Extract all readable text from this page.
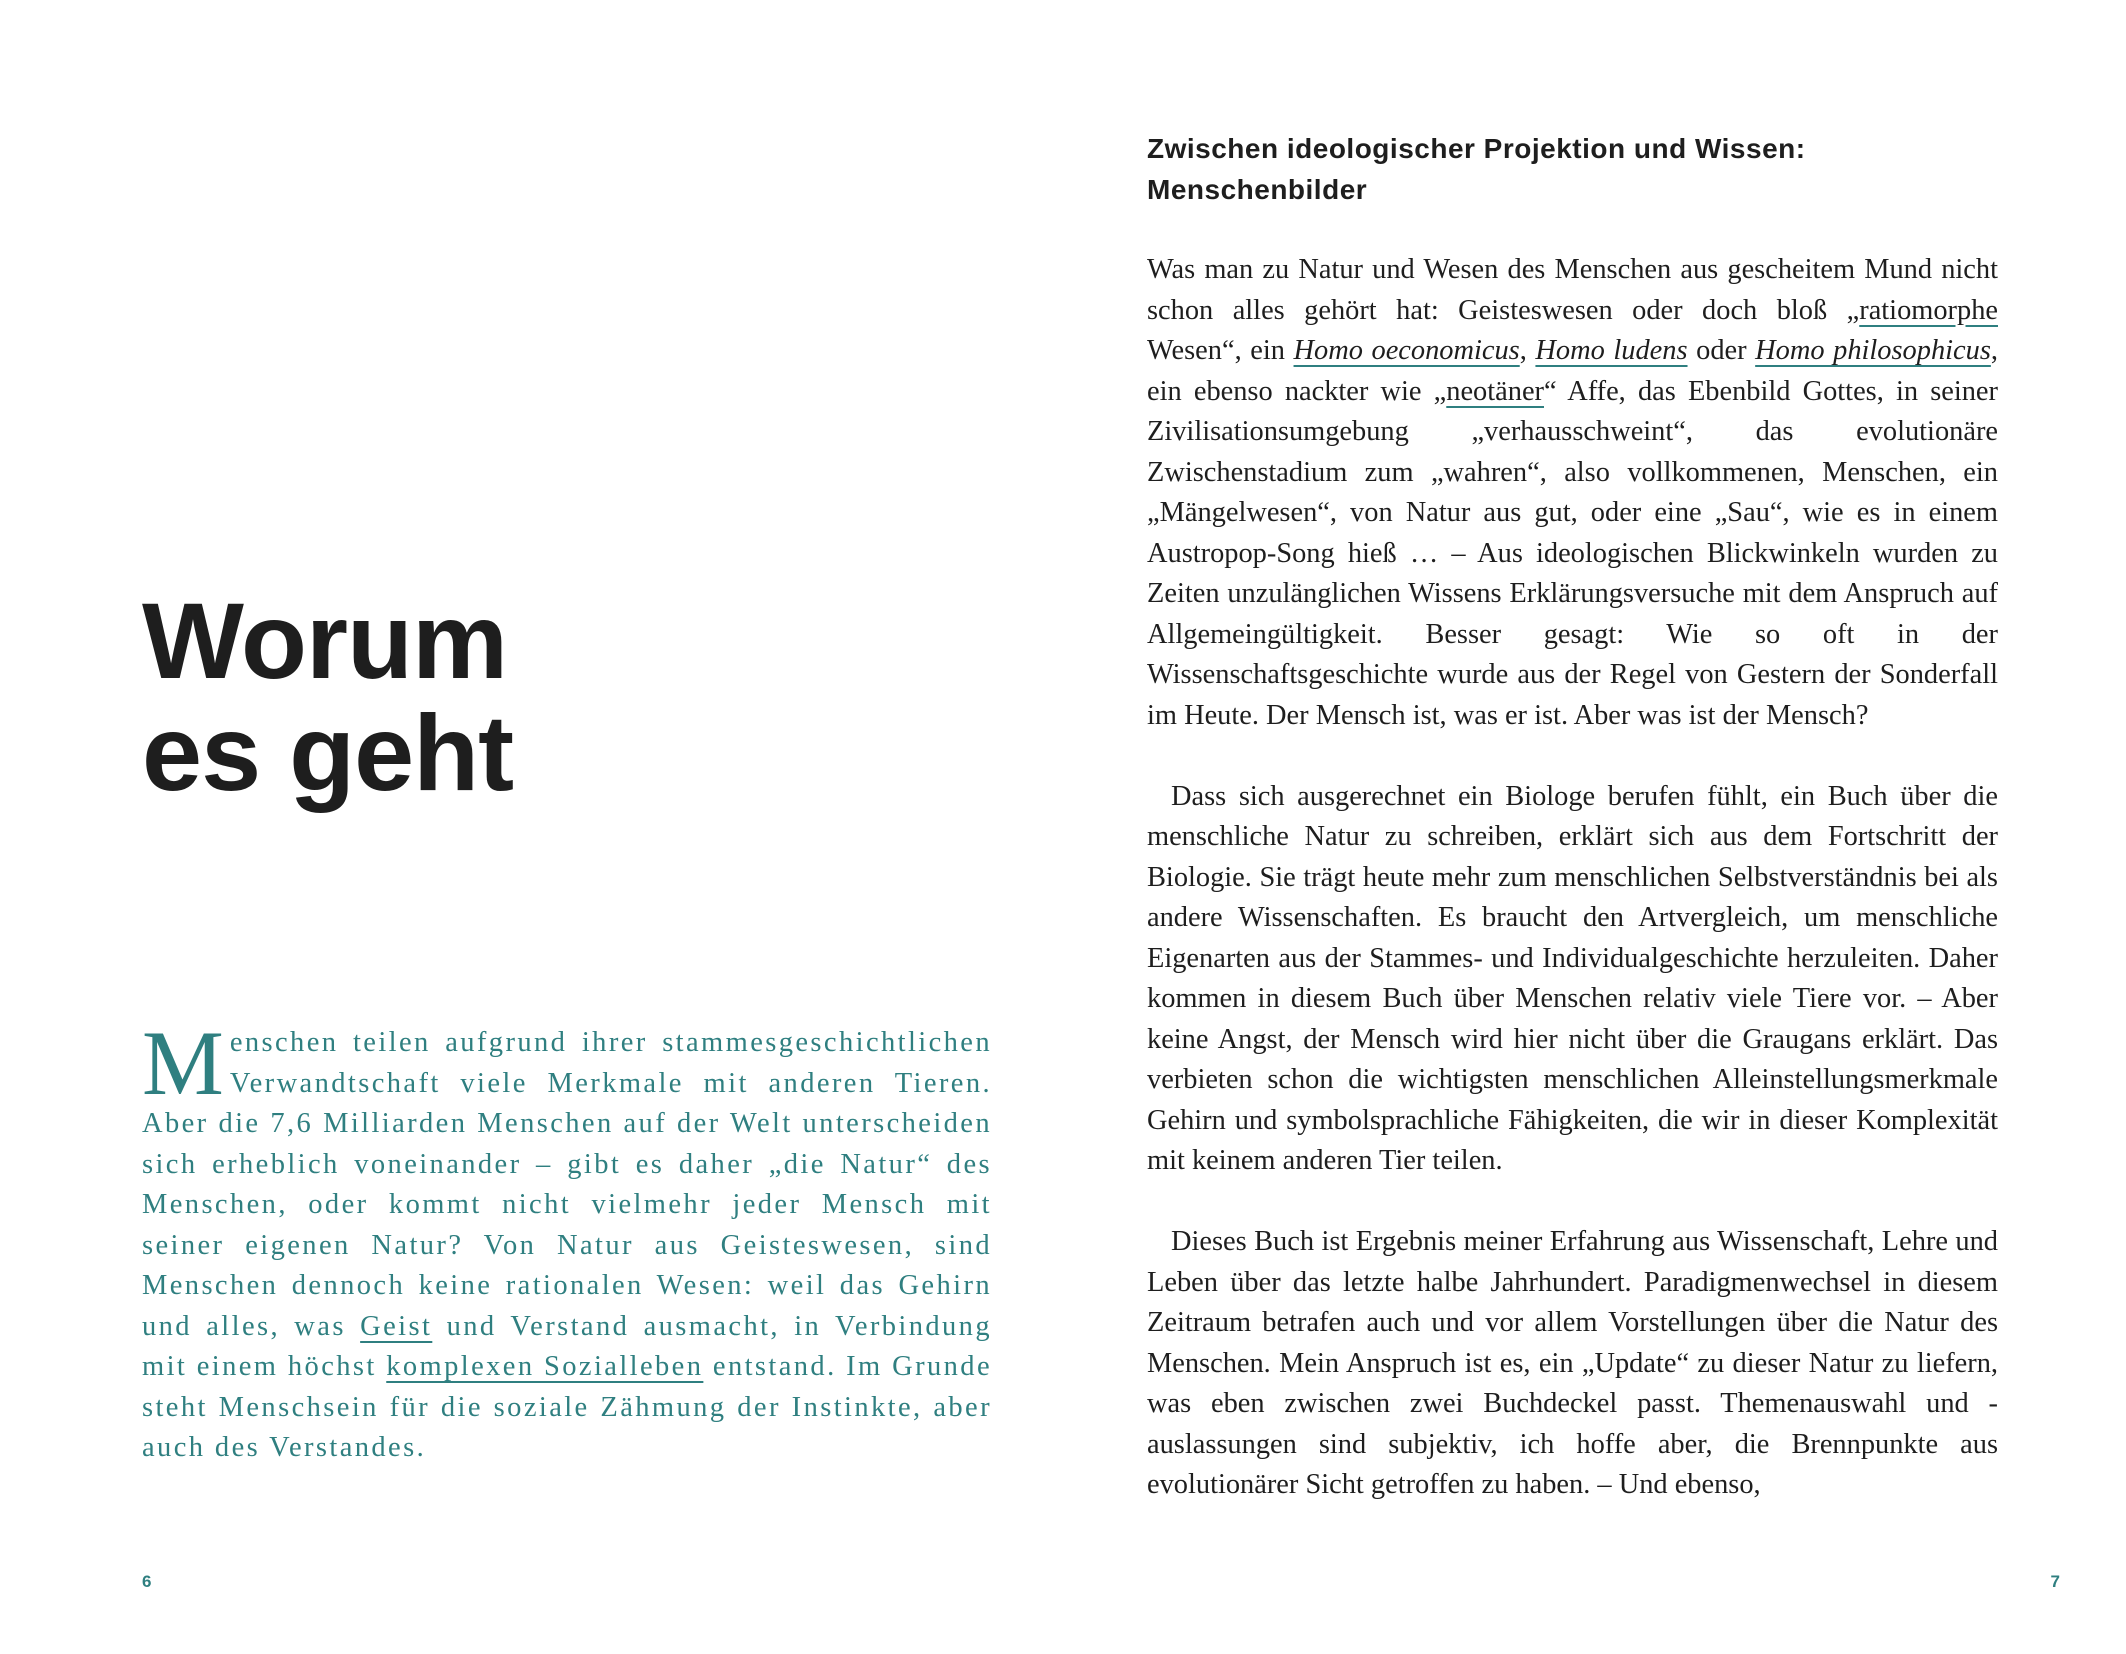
Worum
es geht

Menschen teilen aufgrund ihrer stammesgeschichtlichen Verwandtschaft viele Merkmale mit anderen Tieren. Aber die 7,6 Milliarden Menschen auf der Welt unterscheiden sich erheblich voneinander – gibt es daher „die Natur“ des Menschen, oder kommt nicht vielmehr jeder Mensch mit seiner eigenen Natur? Von Natur aus Geisteswesen, sind Menschen dennoch keine rationalen Wesen: weil das Gehirn und alles, was Geist und Verstand ausmacht, in Verbindung mit einem höchst komplexen Sozialleben entstand. Im Grunde steht Menschsein für die soziale Zähmung der Instinkte, aber auch des Verstandes.

6
Zwischen ideologischer Projektion und Wissen:
Menschenbilder

Was man zu Natur und Wesen des Menschen aus gescheitem Mund nicht schon alles gehört hat: Geisteswesen oder doch bloß „ratiomorphe Wesen“, ein Homo oeconomicus, Homo ludens oder Homo philosophicus, ein ebenso nackter wie „neotäner“ Affe, das Ebenbild Gottes, in seiner Zivilisationsumgebung „verhausschweint“, das evolutionäre Zwischenstadium zum „wahren“, also vollkommenen, Menschen, ein „Mängelwesen“, von Natur aus gut, oder eine „Sau“, wie es in einem Austropop-Song hieß … – Aus ideologischen Blickwinkeln wurden zu Zeiten unzulänglichen Wissens Erklärungsversuche mit dem Anspruch auf Allgemeingültigkeit. Besser gesagt: Wie so oft in der Wissenschaftsgeschichte wurde aus der Regel von Gestern der Sonderfall im Heute. Der Mensch ist, was er ist. Aber was ist der Mensch?

Dass sich ausgerechnet ein Biologe berufen fühlt, ein Buch über die menschliche Natur zu schreiben, erklärt sich aus dem Fortschritt der Biologie. Sie trägt heute mehr zum menschlichen Selbstverständnis bei als andere Wissenschaften. Es braucht den Artvergleich, um menschliche Eigenarten aus der Stammes- und Individualgeschichte herzuleiten. Daher kommen in diesem Buch über Menschen relativ viele Tiere vor. – Aber keine Angst, der Mensch wird hier nicht über die Graugans erklärt. Das verbieten schon die wichtigsten menschlichen Alleinstellungsmerkmale Gehirn und symbolsprachliche Fähigkeiten, die wir in dieser Komplexität mit keinem anderen Tier teilen.

Dieses Buch ist Ergebnis meiner Erfahrung aus Wissenschaft, Lehre und Leben über das letzte halbe Jahrhundert. Paradigmenwechsel in diesem Zeitraum betrafen auch und vor allem Vorstellungen über die Natur des Menschen. Mein Anspruch ist es, ein „Update“ zu dieser Natur zu liefern, was eben zwischen zwei Buchdeckel passt. Themenauswahl und -auslassungen sind subjektiv, ich hoffe aber, die Brennpunkte aus evolutionärer Sicht getroffen zu haben. – Und ebenso,

7
